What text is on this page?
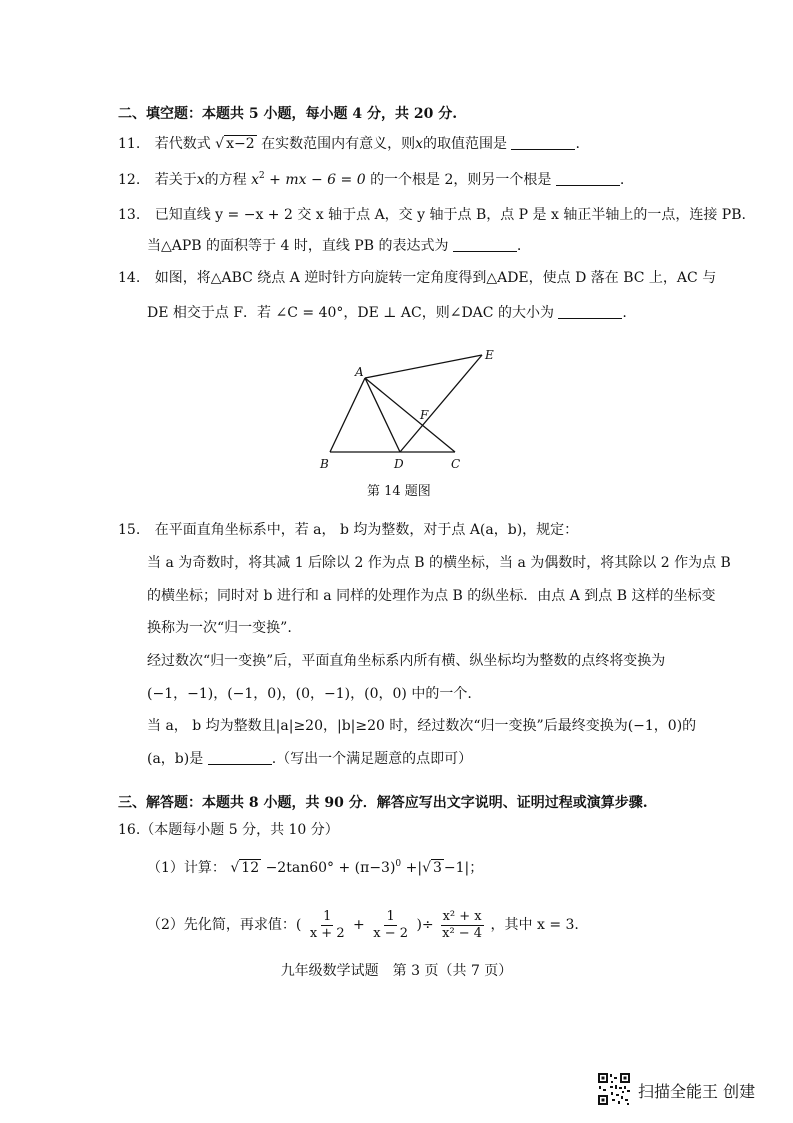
二、填空题：本题共 5 小题，每小题 4 分，共 20 分.
11. 若代数式 √ x−2 在实数范围内有意义，则x的取值范围是	.
12. 若关于x的方程 $x^2$ + mx − 6 = 0 的一个根是 2，则另一个根是	.
13. 已知直线 y = −x + 2 交 x 轴于点 A，交 y 轴于点 B，点 P 是 x 轴正半轴上的一点，连接 PB.
当△APB 的面积等于 4 时，直线 PB 的表达式为	.
14. 如图，将△ABC 绕点 A 逆时针方向旋转一定角度得到△ADE，使点 D 落在 BC 上，AC 与
DE 相交于点 F．若 ∠C = 40°，DE ⊥ AC，则∠DAC 的大小为	.
A
B	C
D
E
F
第 14 题图
15. 在平面直角坐标系中，若 a， b 均为整数，对于点 A(a，b)，规定：
当 a 为奇数时，将其减 1 后除以 2 作为点 B 的横坐标，当 a 为偶数时，将其除以 2 作为点 B
的横坐标；同时对 b 进行和 a 同样的处理作为点 B 的纵坐标．由点 A 到点 B 这样的坐标变
换称为一次“归一变换”.
经过数次“归一变换”后，平面直角坐标系内所有横、纵坐标均为整数的点终将变换为
(−1，−1)，(−1，0)，(0，−1)，(0，0) 中的一个.
当 a， b 均为整数且|a|≥20，|b|≥20 时，经过数次“归一变换”后最终变换为(−1，0)的
(a，b)是	.（写出一个满足题意的点即可）
三、解答题：本题共 8 小题，共 90 分．解答应写出文字说明、证明过程或演算步骤.
16.（本题每小题 5 分，共 10 分）
（1）计算： √ $12 -2\tan 60^\circ + (\pi-3)^0$ +|√ 3 −1|；
（2）先化简，再求值：( $\frac{1}{x + 2} + \frac{1}{x - 2}$ )÷ $\frac{\text{x² + x}}{\text{x² − 4}}$ ，其中 x = 3.
九年级数学试题　第 3 页（共 7 页）
扫描全能王 创建
